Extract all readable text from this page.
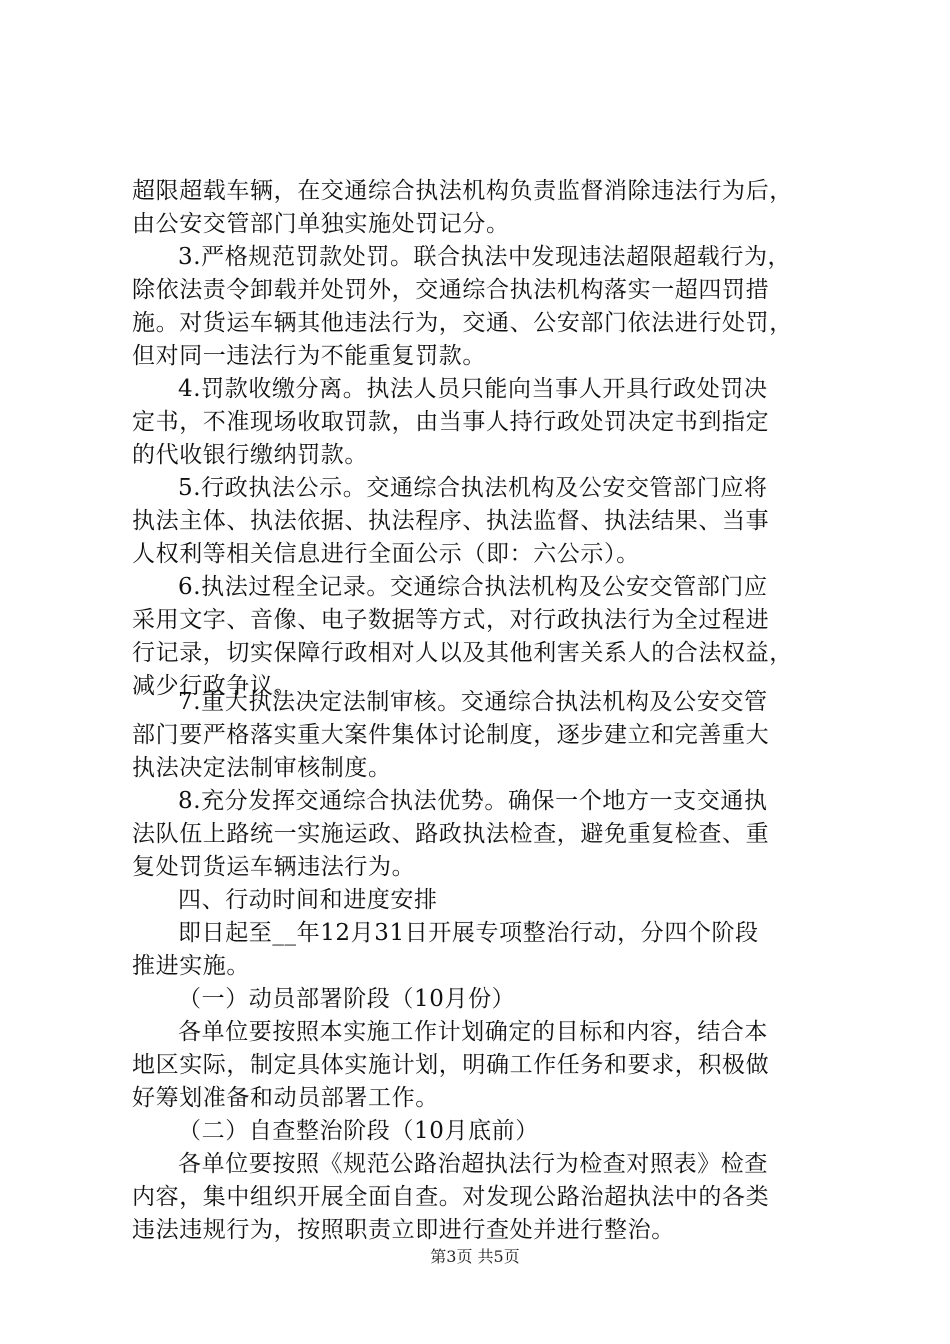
超限超载车辆，在交通综合执法机构负责监督消除违法行为后，
由公安交管部门单独实施处罚记分。
3.严格规范罚款处罚。联合执法中发现违法超限超载行为，
除依法责令卸载并处罚外，交通综合执法机构落实一超四罚措
施。对货运车辆其他违法行为，交通、公安部门依法进行处罚，
但对同一违法行为不能重复罚款。
4.罚款收缴分离。执法人员只能向当事人开具行政处罚决
定书，不准现场收取罚款，由当事人持行政处罚决定书到指定
的代收银行缴纳罚款。
5.行政执法公示。交通综合执法机构及公安交管部门应将
执法主体、执法依据、执法程序、执法监督、执法结果、当事
人权利等相关信息进行全面公示（即：六公示）。
6.执法过程全记录。交通综合执法机构及公安交管部门应
采用文字、音像、电子数据等方式，对行政执法行为全过程进
行记录，切实保障行政相对人以及其他利害关系人的合法权益，
减少行政争议。
7.重大执法决定法制审核。交通综合执法机构及公安交管
部门要严格落实重大案件集体讨论制度，逐步建立和完善重大
执法决定法制审核制度。
8.充分发挥交通综合执法优势。确保一个地方一支交通执
法队伍上路统一实施运政、路政执法检查，避免重复检查、重
复处罚货运车辆违法行为。
四、行动时间和进度安排
即日起至__年12月31日开展专项整治行动，分四个阶段
推进实施。
（一）动员部署阶段（10月份）
各单位要按照本实施工作计划确定的目标和内容，结合本
地区实际，制定具体实施计划，明确工作任务和要求，积极做
好筹划准备和动员部署工作。
（二）自查整治阶段（10月底前）
各单位要按照《规范公路治超执法行为检查对照表》检查
内容，集中组织开展全面自查。对发现公路治超执法中的各类
违法违规行为，按照职责立即进行查处并进行整治。
第3页 共5页
